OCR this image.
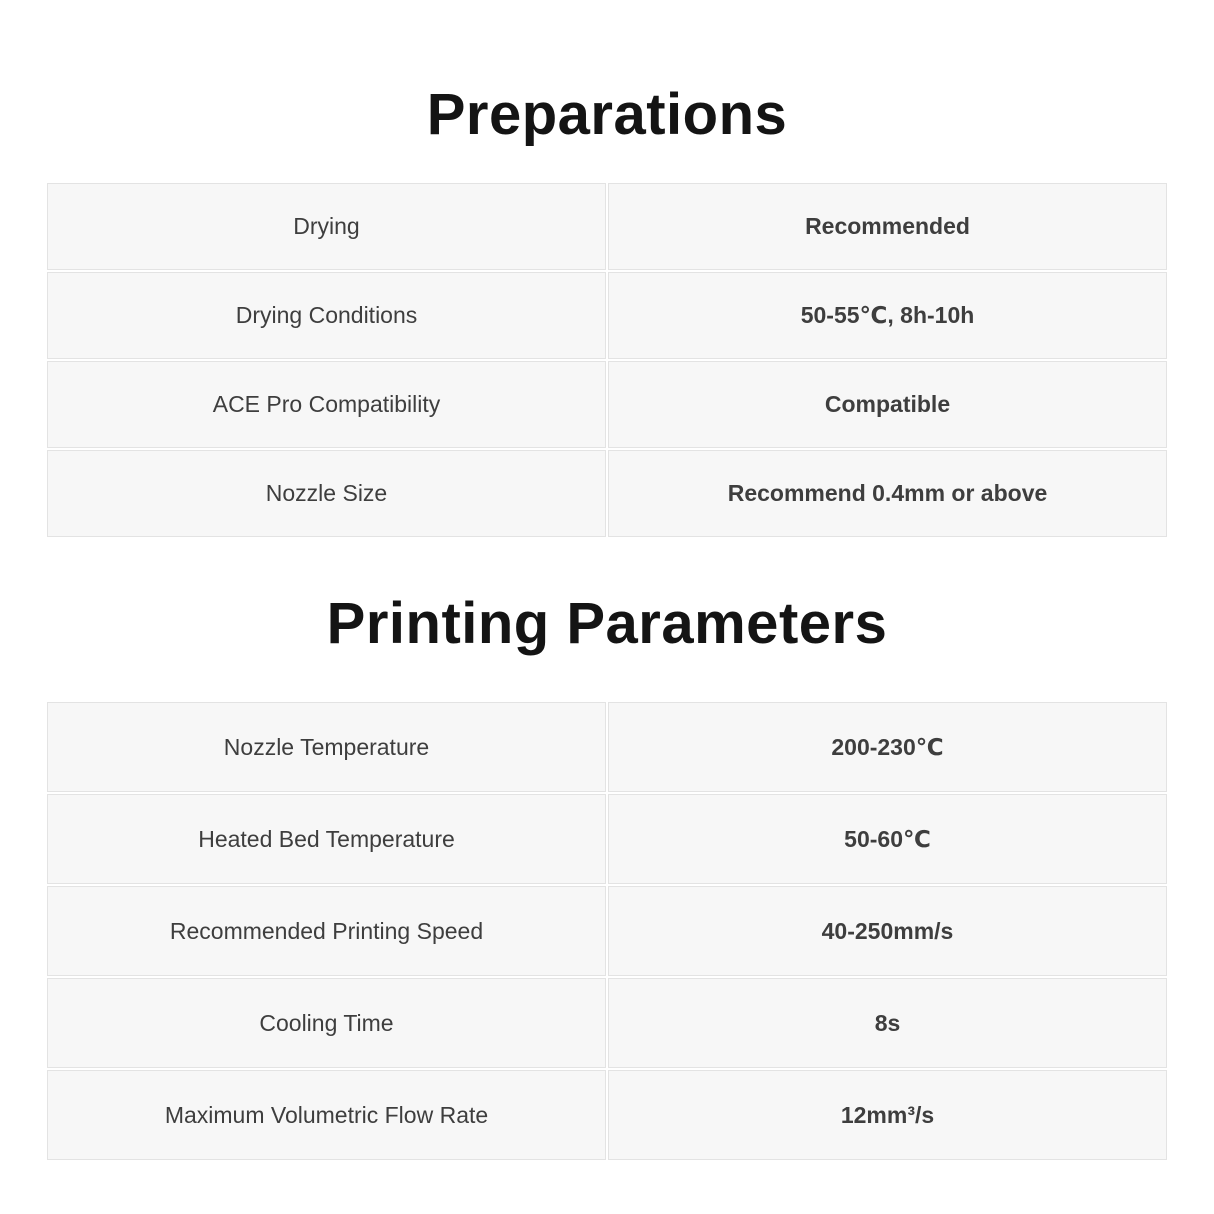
Preparations
Drying	Recommended
Drying Conditions	50-55℃, 8h-10h
ACE Pro Compatibility	Compatible
Nozzle Size	Recommend 0.4mm or above
Printing Parameters
Nozzle Temperature	200-230℃
Heated Bed Temperature	50-60℃
Recommended Printing Speed	40-250mm/s
Cooling Time	8s
Maximum Volumetric Flow Rate	12mm³/s
